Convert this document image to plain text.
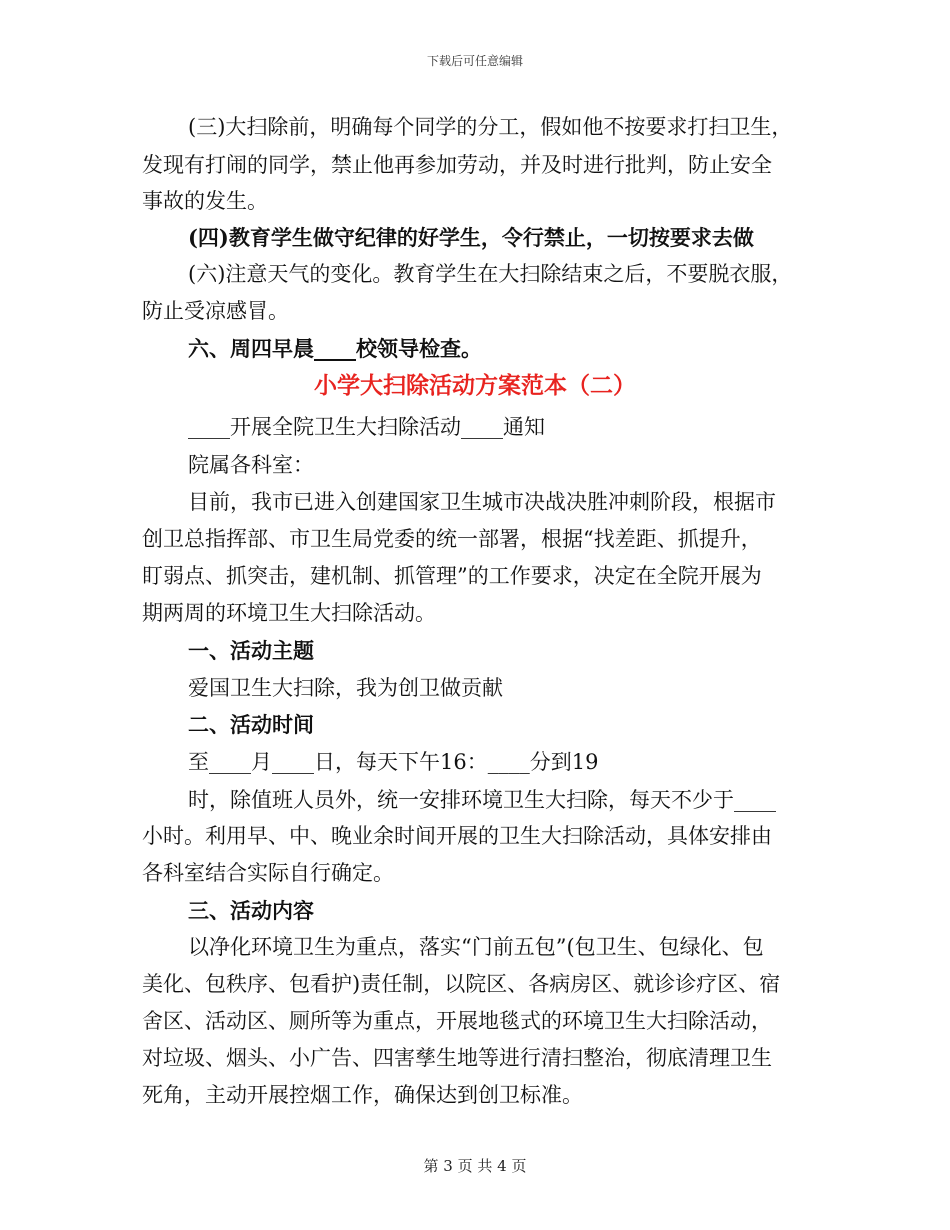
下载后可任意编辑
(三)大扫除前，明确每个同学的分工，假如他不按要求打扫卫生，
发现有打闹的同学，禁止他再参加劳动，并及时进行批判，防止安全
事故的发生。
(四)教育学生做守纪律的好学生，令行禁止，一切按要求去做
(六)注意天气的变化。教育学生在大扫除结束之后，不要脱衣服，
防止受凉感冒。
六、周四早晨____校领导检查。
小学大扫除活动方案范本（二）
____开展全院卫生大扫除活动____通知
院属各科室：
目前，我市已进入创建国家卫生城市决战决胜冲刺阶段，根据市
创卫总指挥部、市卫生局党委的统一部署，根据“找差距、抓提升，
盯弱点、抓突击，建机制、抓管理”的工作要求，决定在全院开展为
期两周的环境卫生大扫除活动。
一、活动主题
爱国卫生大扫除，我为创卫做贡献
二、活动时间
至____月____日，每天下午16：____分到19
时，除值班人员外，统一安排环境卫生大扫除，每天不少于____
小时。利用早、中、晚业余时间开展的卫生大扫除活动，具体安排由
各科室结合实际自行确定。
三、活动内容
以净化环境卫生为重点，落实“门前五包”(包卫生、包绿化、包
美化、包秩序、包看护)责任制，以院区、各病房区、就诊诊疗区、宿
舍区、活动区、厕所等为重点，开展地毯式的环境卫生大扫除活动，
对垃圾、烟头、小广告、四害孳生地等进行清扫整治，彻底清理卫生
死角，主动开展控烟工作，确保达到创卫标准。
第 3 页 共 4 页
